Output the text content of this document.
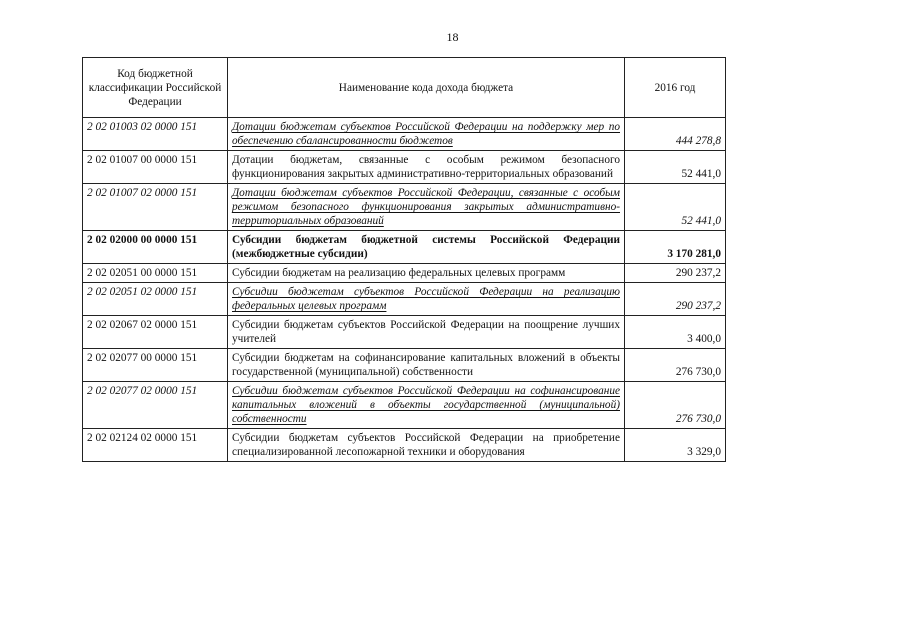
18
Код бюджетной классификации Российской Федерации	Наименование кода дохода бюджета	2016 год
2 02 01003 02 0000 151	Дотации бюджетам субъектов Российской Федерации на поддержку мер по обеспечению сбалансированности бюджетов	444 278,8
2 02 01007 00 0000 151	Дотации бюджетам, связанные с особым режимом безопасного функционирования закрытых административно-территориальных образований	52 441,0
2 02 01007 02 0000 151	Дотации бюджетам субъектов Российской Федерации, связанные с особым режимом безопасного функционирования закрытых административно-территориальных образований	52 441,0
2 02 02000 00 0000 151	Субсидии бюджетам бюджетной системы Российской Федерации (межбюджетные субсидии)	3 170 281,0
2 02 02051 00 0000 151	Субсидии бюджетам на реализацию федеральных целевых программ	290 237,2
2 02 02051 02 0000 151	Субсидии бюджетам субъектов Российской Федерации на реализацию федеральных целевых программ	290 237,2
2 02 02067 02 0000 151	Субсидии бюджетам субъектов Российской Федерации на поощрение лучших учителей	3 400,0
2 02 02077 00 0000 151	Субсидии бюджетам на софинансирование капитальных вложений в объекты государственной (муниципальной) собственности	276 730,0
2 02 02077 02 0000 151	Субсидии бюджетам субъектов Российской Федерации на софинансирование капитальных вложений в объекты государственной (муниципальной) собственности	276 730,0
2 02 02124 02 0000 151	Субсидии бюджетам субъектов Российской Федерации на приобретение специализированной лесопожарной техники и оборудования	3 329,0
